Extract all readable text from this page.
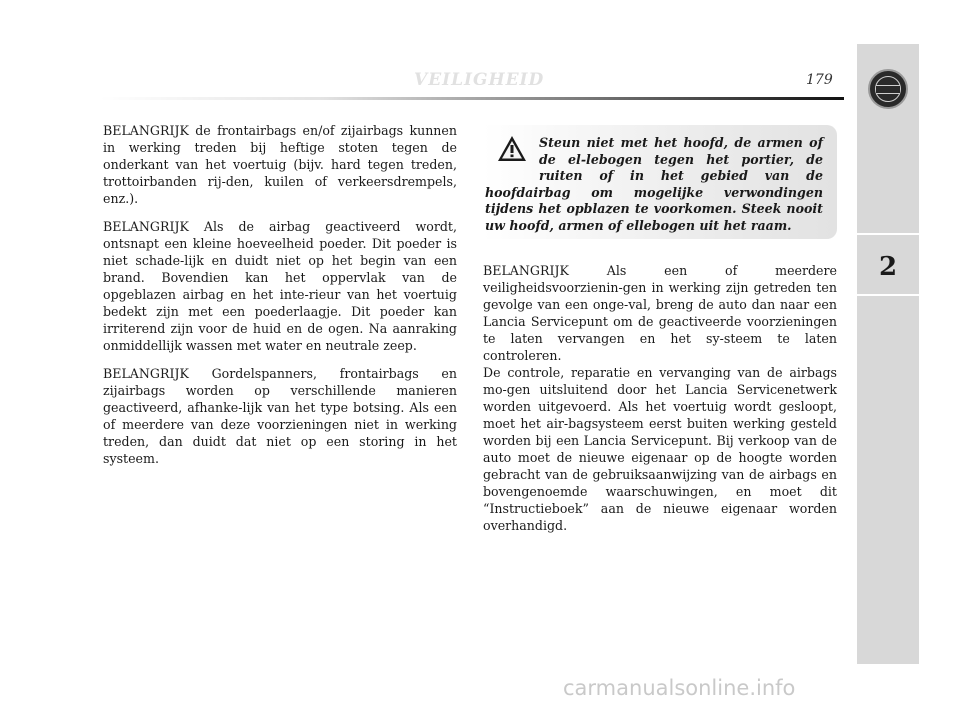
VEILIGHEID	179
2

BELANGRIJK de frontairbags en/of zijairbags kunnen in werking treden bij heftige stoten tegen de onderkant van het voertuig (bijv. hard tegen treden, trottoirbanden rij-den, kuilen of verkeersdrempels, enz.).

BELANGRIJK Als de airbag geactiveerd wordt, ontsnapt een kleine hoeveelheid poeder. Dit poeder is niet schade-lijk en duidt niet op het begin van een brand. Bovendien kan het oppervlak van de opgeblazen airbag en het inte-rieur van het voertuig bedekt zijn met een poederlaagje. Dit poeder kan irriterend zijn voor de huid en de ogen. Na aanraking onmiddellijk wassen met water en neutrale zeep.

BELANGRIJK Gordelspanners, frontairbags en zijairbags worden op verschillende manieren geactiveerd, afhanke-lijk van het type botsing. Als een of meerdere van deze voorzieningen niet in werking treden, dan duidt dat niet op een storing in het systeem.

Steun niet met het hoofd, de armen of de el-lebogen tegen het portier, de ruiten of in het gebied van de hoofdairbag om mogelijke verwondingen tijdens het opblazen te voorkomen. Steek nooit uw hoofd, armen of ellebogen uit het raam.

BELANGRIJK Als een of meerdere veiligheidsvoorzienin-gen in werking zijn getreden ten gevolge van een onge-val, breng de auto dan naar een Lancia Servicepunt om de geactiveerde voorzieningen te laten vervangen en het sy-steem te laten controleren.

De controle, reparatie en vervanging van de airbags mo-gen uitsluitend door het Lancia Servicenetwerk worden uitgevoerd. Als het voertuig wordt gesloopt, moet het air-bagsysteem eerst buiten werking gesteld worden bij een Lancia Servicepunt. Bij verkoop van de auto moet de nieuwe eigenaar op de hoogte worden gebracht van de gebruiksaanwijzing van de airbags en bovengenoemde waarschuwingen, en moet dit “Instructieboek” aan de nieuwe eigenaar worden overhandigd.

carmanualsonline.info
